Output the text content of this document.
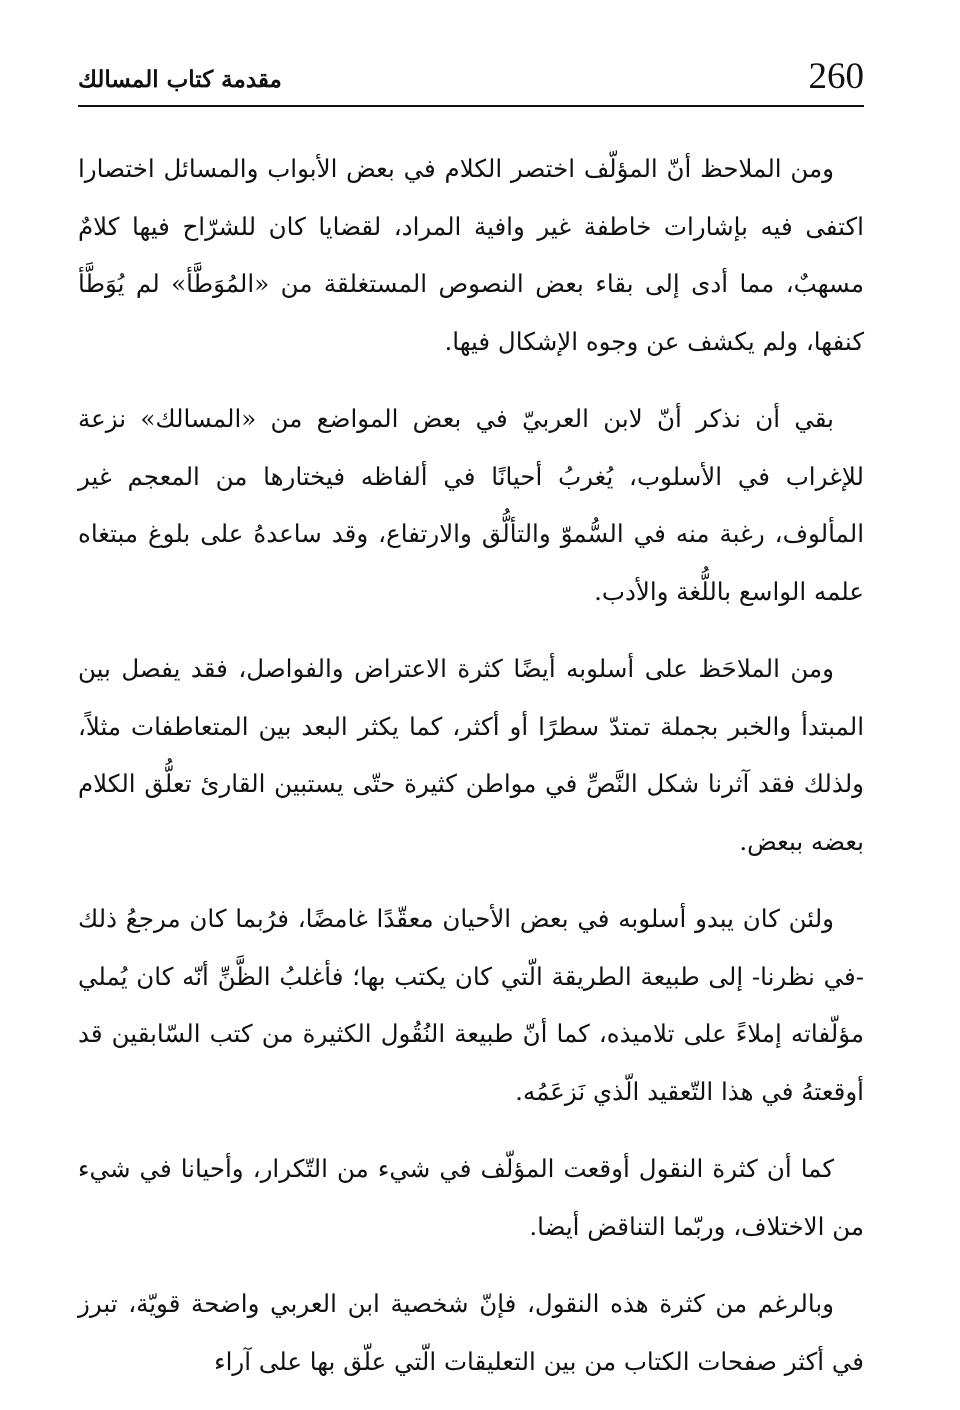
260
مقدمة كتاب المسالك

ومن الملاحظ أنّ المؤلّف اختصر الكلام في بعض الأبواب والمسائل اختصارا اكتفى فيه بإشارات خاطفة غير وافية المراد، لقضايا كان للشرّاح فيها كلامٌ مسهبٌ، مما أدى إلى بقاء بعض النصوص المستغلقة من «المُوَطَّأ» لم يُوَطَّأ كنفها، ولم يكشف عن وجوه الإشكال فيها.

بقي أن نذكر أنّ لابن العربيّ في بعض المواضع من «المسالك» نزعة للإغراب في الأسلوب، يُغربُ أحيانًا في ألفاظه فيختارها من المعجم غير المألوف، رغبة منه في السُّموّ والتألُّق والارتفاع، وقد ساعدهُ على بلوغ مبتغاه علمه الواسع باللُّغة والأدب.

ومن الملاحَظ على أسلوبه أيضًا كثرة الاعتراض والفواصل، فقد يفصل بين المبتدأ والخبر بجملة تمتدّ سطرًا أو أكثر، كما يكثر البعد بين المتعاطفات مثلاً، ولذلك فقد آثرنا شكل النَّصِّ في مواطن كثيرة حتّى يستبين القارئ تعلُّق الكلام بعضه ببعض.

ولئن كان يبدو أسلوبه في بعض الأحيان معقّدًا غامضًا، فرُبما كان مرجعُ ذلك -في نظرنا- إلى طبيعة الطريقة الّتي كان يكتب بها؛ فأغلبُ الظَّنِّ أنّه كان يُملي مؤلّفاته إملاءً على تلاميذه، كما أنّ طبيعة النُقُول الكثيرة من كتب السّابقين قد أوقعتهُ في هذا التّعقيد الّذي نَزعَمُه.

كما أن كثرة النقول أوقعت المؤلّف في شيء من التّكرار، وأحيانا في شيء من الاختلاف، وربّما التناقض أيضا.

وبالرغم من كثرة هذه النقول، فإنّ شخصية ابن العربي واضحة قويّة، تبرز في أكثر صفحات الكتاب من بين التعليقات الّتي علّق بها على آراء
